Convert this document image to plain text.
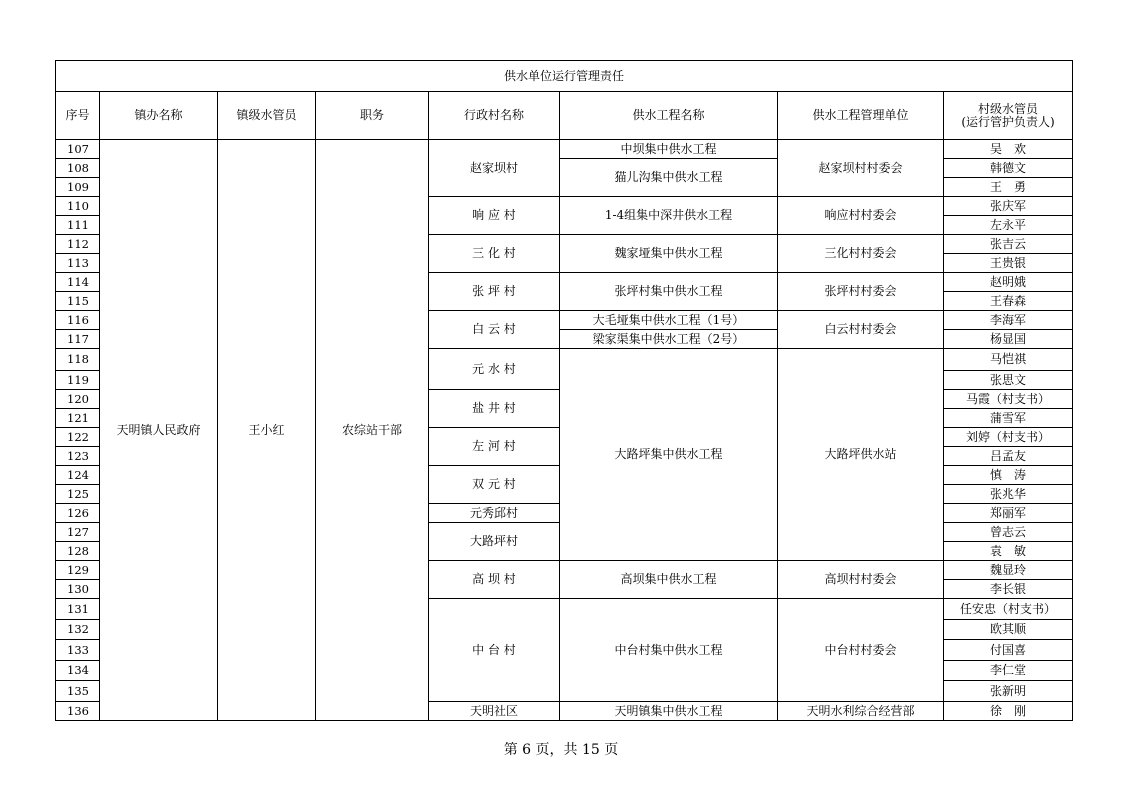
供水单位运行管理责任							
序号	镇办名称	镇级水管员	职务	行政村名称	供水工程名称	供水工程管理单位	村级水管员
(运行管护负责人)
107	天明镇人民政府	王小红	农综站干部	赵家坝村	中坝集中供水工程	赵家坝村村委会	吴　欢
108					猫儿沟集中供水工程		韩德文
109							王　勇
110				响 应 村	1-4组集中深井供水工程	响应村村委会	张庆军
111							左永平
112				三 化 村	魏家垭集中供水工程	三化村村委会	张吉云
113							王贵银
114				张 坪 村	张坪村集中供水工程	张坪村村委会	赵明娥
115							王春森
116				白 云 村	大毛垭集中供水工程（1号）	白云村村委会	李海军
117					梁家渠集中供水工程（2号）		杨显国
118				元 水 村	大路坪集中供水工程	大路坪供水站	马恺祺
119							张思文
120				盐 井 村			马霞（村支书）
121							蒲雪军
122				左 河 村			刘婷（村支书）
123							吕孟友
124				双 元 村			慎　涛
125							张兆华
126				元秀邱村			郑丽军
127				大路坪村			曾志云
128							袁　敏
129				高 坝 村	高坝集中供水工程	高坝村村委会	魏显玲
130							李长银
131				中 台 村	中台村集中供水工程	中台村村委会	任安忠（村支书）
132							欧其顺
133							付国喜
134							李仁堂
135							张新明
136				天明社区	天明镇集中供水工程	天明水利综合经营部	徐　刚
第 6 页，共 15 页
